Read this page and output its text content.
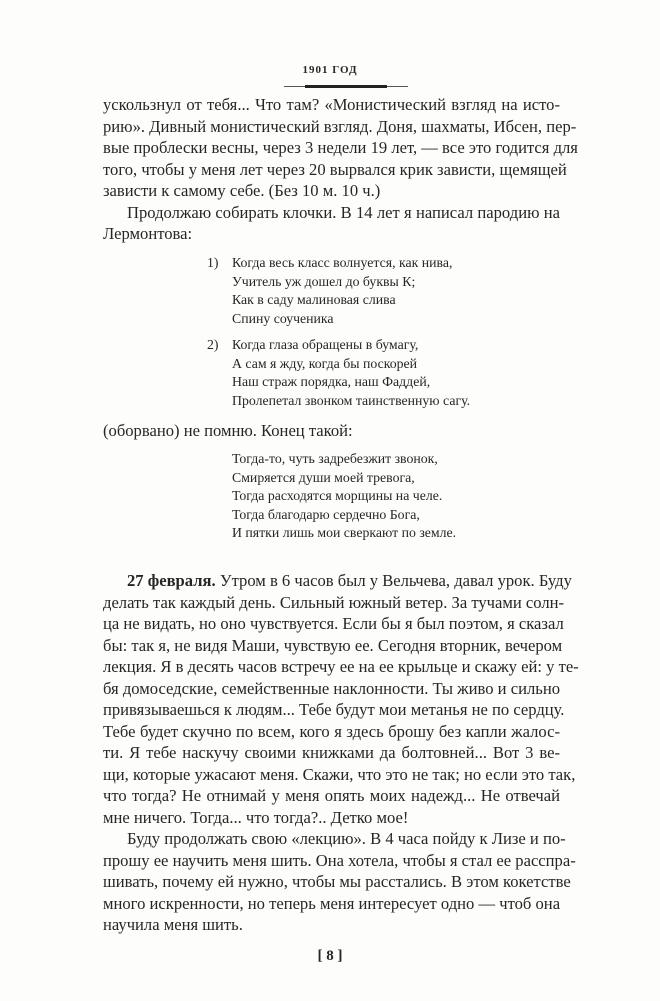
1901 ГОД
ускользнул от тебя... Что там? «Монистический взгляд на исто-
рию». Дивный монистический взгляд. Доня, шахматы, Ибсен, пер-
вые проблески весны, через 3 недели 19 лет, — все это годится для
того, чтобы у меня лет через 20 вырвался крик зависти, щемящей
зависти к самому себе. (Без 10 м. 10 ч.)
Продолжаю собирать клочки. В 14 лет я написал пародию на
Лермонтова:
1) Когда весь класс волнуется, как нива,
Учитель уж дошел до буквы К;
Как в саду малиновая слива
Спину соученика
2) Когда глаза обращены в бумагу,
А сам я жду, когда бы поскорей
Наш страж порядка, наш Фаддей,
Пролепетал звонком таинственную сагу.
(оборвано) не помню. Конец такой:
Тогда-то, чуть задребезжит звонок,
Смиряется души моей тревога,
Тогда расходятся морщины на челе.
Тогда благодарю сердечно Бога,
И пятки лишь мои сверкают по земле.
27 февраля. Утром в 6 часов был у Вельчева, давал урок. Буду
делать так каждый день. Сильный южный ветер. За тучами солн-
ца не видать, но оно чувствуется. Если бы я был поэтом, я сказал
бы: так я, не видя Маши, чувствую ее. Сегодня вторник, вечером
лекция. Я в десять часов встречу ее на ее крыльце и скажу ей: у те-
бя домоседские, семейственные наклонности. Ты живо и сильно
привязываешься к людям... Тебе будут мои метанья не по сердцу.
Тебе будет скучно по всем, кого я здесь брошу без капли жалос-
ти. Я тебе наскучу своими книжками да болтовней... Вот 3 ве-
щи, которые ужасают меня. Скажи, что это не так; но если это так,
что тогда? Не отнимай у меня опять моих надежд... Не отвечай
мне ничего. Тогда... что тогда?.. Детко мое!
Буду продолжать свою «лекцию». В 4 часа пойду к Лизе и по-
прошу ее научить меня шить. Она хотела, чтобы я стал ее расспра-
шивать, почему ей нужно, чтобы мы расстались. В этом кокетстве
много искренности, но теперь меня интересует одно — чтоб она
научила меня шить.
[ 8 ]
